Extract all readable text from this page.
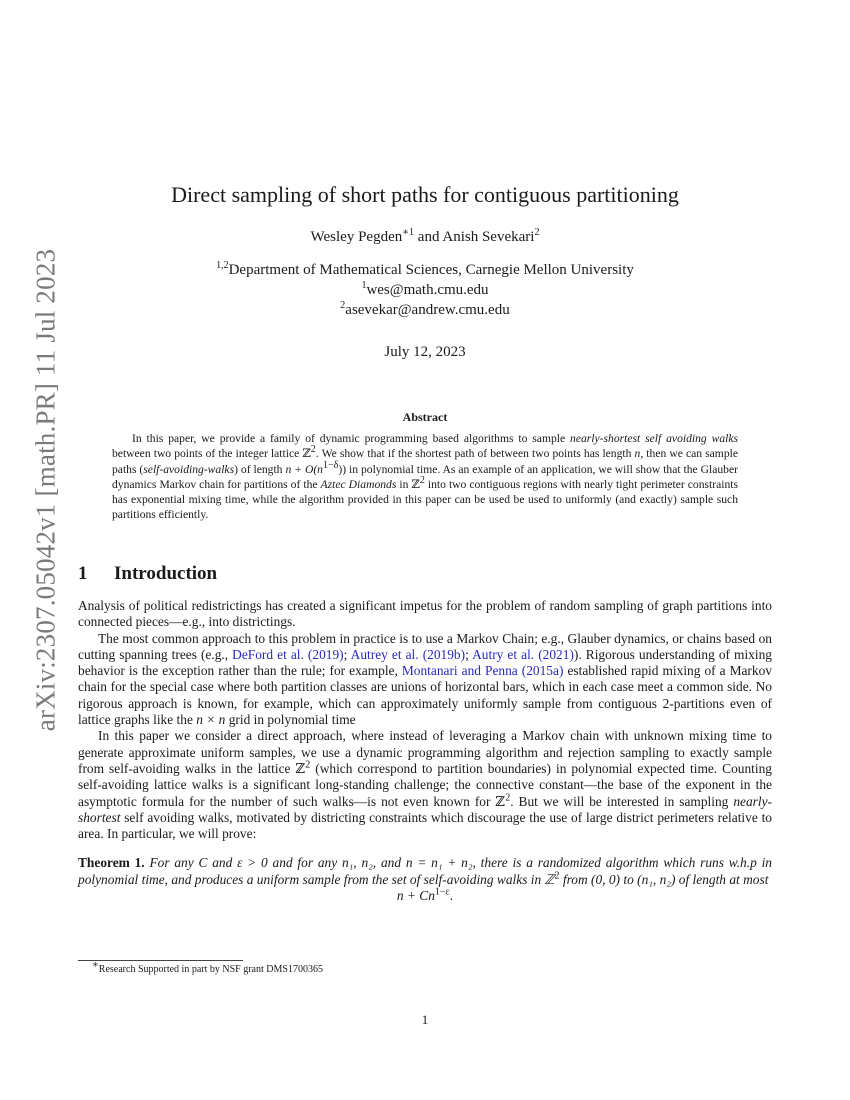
arXiv:2307.05042v1 [math.PR] 11 Jul 2023
Direct sampling of short paths for contiguous partitioning
Wesley Pegden$^{∗1}$ and Anish Sevekari$^2$
$^{1,2}$Department of Mathematical Sciences, Carnegie Mellon University
$^1$wes@math.cmu.edu
$^2$asevekar@andrew.cmu.edu
July 12, 2023
Abstract

In this paper, we provide a family of dynamic programming based algorithms to sample nearly-shortest self avoiding walks between two points of the integer lattice ℤ$^2$. We show that if the shortest path of between two points has length n, then we can sample paths (self-avoiding-walks) of length $n + O(n^{1-\delta})$) in polynomial time. As an example of an application, we will show that the Glauber dynamics Markov chain for partitions of the Aztec Diamonds in ℤ$^2$ into two contiguous regions with nearly tight perimeter constraints has exponential mixing time, while the algorithm provided in this paper can be used be used to uniformly (and exactly) sample such partitions efficiently.

1 Introduction

Analysis of political redistrictings has created a significant impetus for the problem of random sampling of graph partitions into connected pieces—e.g., into districtings.

The most common approach to this problem in practice is to use a Markov Chain; e.g., Glauber dynamics, or chains based on cutting spanning trees (e.g., DeFord et al. (2019); Autrey et al. (2019b); Autry et al. (2021)). Rigorous understanding of mixing behavior is the exception rather than the rule; for example, Montanari and Penna (2015a) established rapid mixing of a Markov chain for the special case where both partition classes are unions of horizontal bars, which in each case meet a common side. No rigorous approach is known, for example, which can approximately uniformly sample from contiguous 2-partitions even of lattice graphs like the n × n grid in polynomial time

In this paper we consider a direct approach, where instead of leveraging a Markov chain with unknown mixing time to generate approximate uniform samples, we use a dynamic programming algorithm and rejection sampling to exactly sample from self-avoiding walks in the lattice ℤ$^2$ (which correspond to partition boundaries) in polynomial expected time. Counting self-avoiding lattice walks is a significant long-standing challenge; the connective constant—the base of the exponent in the asymptotic formula for the number of such walks—is not even known for ℤ$^2$. But we will be interested in sampling nearly-shortest self avoiding walks, motivated by districting constraints which discourage the use of large district perimeters relative to area. In particular, we will prove:

Theorem 1. For any C and ε > 0 and for any n₁, n₂, and n = n₁ + n₂, there is a randomized algorithm which runs w.h.p in polynomial time, and produces a uniform sample from the set of self-avoiding walks in ℤ$^2$ from (0, 0) to (n₁, n₂) of length at most

$n + Cn^{1-\varepsilon}$.

∗Research Supported in part by NSF grant DMS1700365
1
